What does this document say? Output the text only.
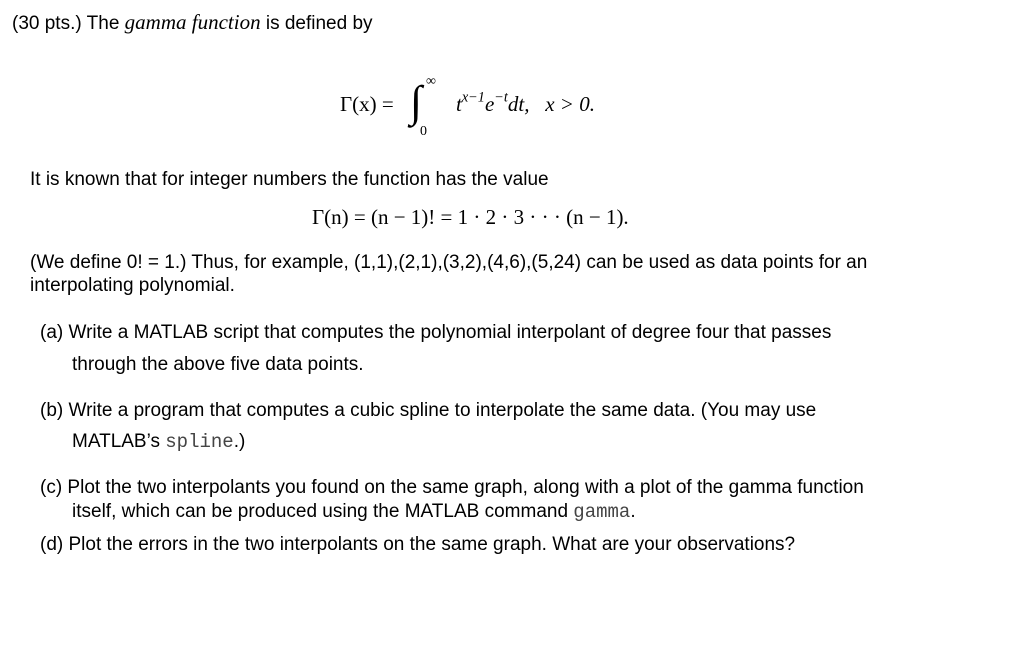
(30 pts.) The gamma function is defined by
Γ(x) = ∫ ∞
0
$t^{x-1}e^{-t}dt$, x > 0.
It is known that for integer numbers the function has the value
Γ(n) = (n − 1)! = 1 · 2 · 3 · · · (n − 1).
(We define 0! = 1.) Thus, for example, (1,1),(2,1),(3,2),(4,6),(5,24) can be used as data points for an
interpolating polynomial.
(a) Write a MATLAB script that computes the polynomial interpolant of degree four that passes
through the above five data points.
(b) Write a program that computes a cubic spline to interpolate the same data. (You may use
MATLAB’s spline.)
(c) Plot the two interpolants you found on the same graph, along with a plot of the gamma function
itself, which can be produced using the MATLAB command gamma.
(d) Plot the errors in the two interpolants on the same graph. What are your observations?
